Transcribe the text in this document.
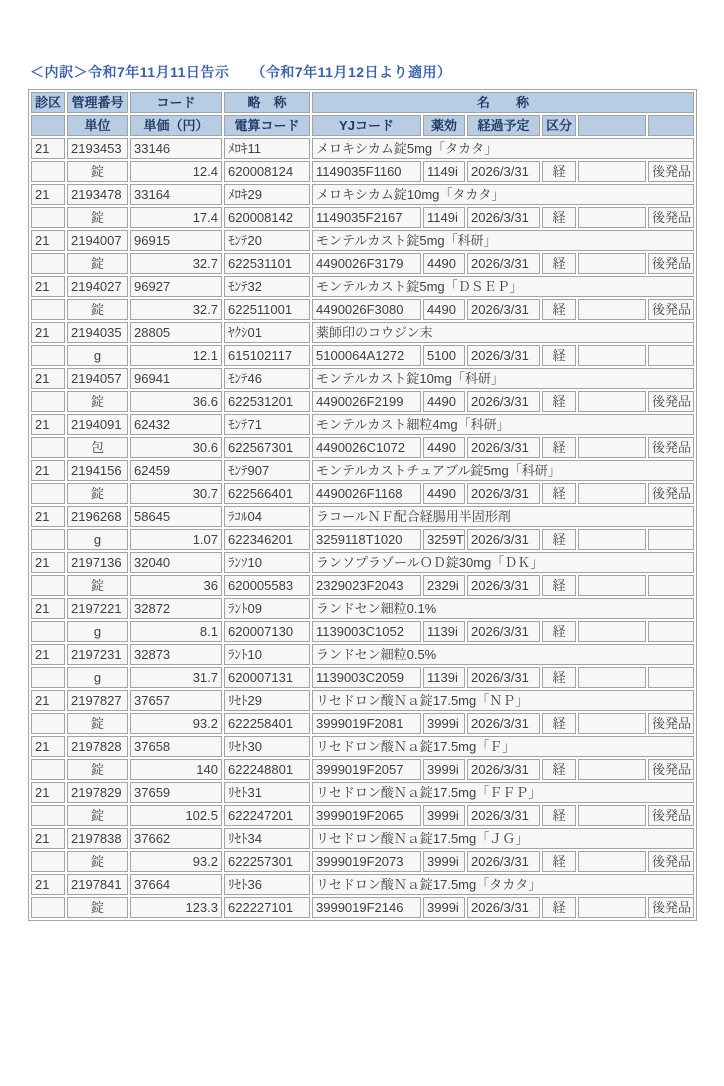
＜内訳＞令和7年11月11日告示　　（令和7年11月12日より適用）
診区	管理番号	コード	略　称	名　　称					
	単位	単価（円）	電算コード	YJコード	薬効	経過予定	区分		
21	2193453	33146	ﾒﾛｷ11	メロキシカム錠5mg「タカタ」					
	錠	12.4	620008124	1149035F1160	1149i	2026/3/31	経		後発品
21	2193478	33164	ﾒﾛｷ29	メロキシカム錠10mg「タカタ」					
	錠	17.4	620008142	1149035F2167	1149i	2026/3/31	経		後発品
21	2194007	96915	ﾓﾝﾃ20	モンテルカスト錠5mg「科研」					
	錠	32.7	622531101	4490026F3179	4490	2026/3/31	経		後発品
21	2194027	96927	ﾓﾝﾃ32	モンテルカスト錠5mg「ＤＳＥＰ」					
	錠	32.7	622511001	4490026F3080	4490	2026/3/31	経		後発品
21	2194035	28805	ﾔｸｼ01	薬師印のコウジン末					
	g	12.1	615102117	5100064A1272	5100	2026/3/31	経		
21	2194057	96941	ﾓﾝﾃ46	モンテルカスト錠10mg「科研」					
	錠	36.6	622531201	4490026F2199	4490	2026/3/31	経		後発品
21	2194091	62432	ﾓﾝﾃ71	モンテルカスト細粒4mg「科研」					
	包	30.6	622567301	4490026C1072	4490	2026/3/31	経		後発品
21	2194156	62459	ﾓﾝﾃ907	モンテルカストチュアブル錠5mg「科研」					
	錠	30.7	622566401	4490026F1168	4490	2026/3/31	経		後発品
21	2196268	58645	ﾗｺﾙ04	ラコールＮＦ配合経腸用半固形剤					
	g	1.07	622346201	3259118T1020	3259T	2026/3/31	経		
21	2197136	32040	ﾗﾝｿ10	ランソプラゾールＯＤ錠30mg「ＤＫ」					
	錠	36	620005583	2329023F2043	2329i	2026/3/31	経		
21	2197221	32872	ﾗﾝﾄ09	ランドセン細粒0.1%					
	g	8.1	620007130	1139003C1052	1139i	2026/3/31	経		
21	2197231	32873	ﾗﾝﾄ10	ランドセン細粒0.5%					
	g	31.7	620007131	1139003C2059	1139i	2026/3/31	経		
21	2197827	37657	ﾘｾﾄ29	リセドロン酸Ｎａ錠17.5mg「ＮＰ」					
	錠	93.2	622258401	3999019F2081	3999i	2026/3/31	経		後発品
21	2197828	37658	ﾘｾﾄ30	リセドロン酸Ｎａ錠17.5mg「Ｆ」					
	錠	140	622248801	3999019F2057	3999i	2026/3/31	経		後発品
21	2197829	37659	ﾘｾﾄ31	リセドロン酸Ｎａ錠17.5mg「ＦＦＰ」					
	錠	102.5	622247201	3999019F2065	3999i	2026/3/31	経		後発品
21	2197838	37662	ﾘｾﾄ34	リセドロン酸Ｎａ錠17.5mg「ＪＧ」					
	錠	93.2	622257301	3999019F2073	3999i	2026/3/31	経		後発品
21	2197841	37664	ﾘｾﾄ36	リセドロン酸Ｎａ錠17.5mg「タカタ」					
	錠	123.3	622227101	3999019F2146	3999i	2026/3/31	経		後発品
